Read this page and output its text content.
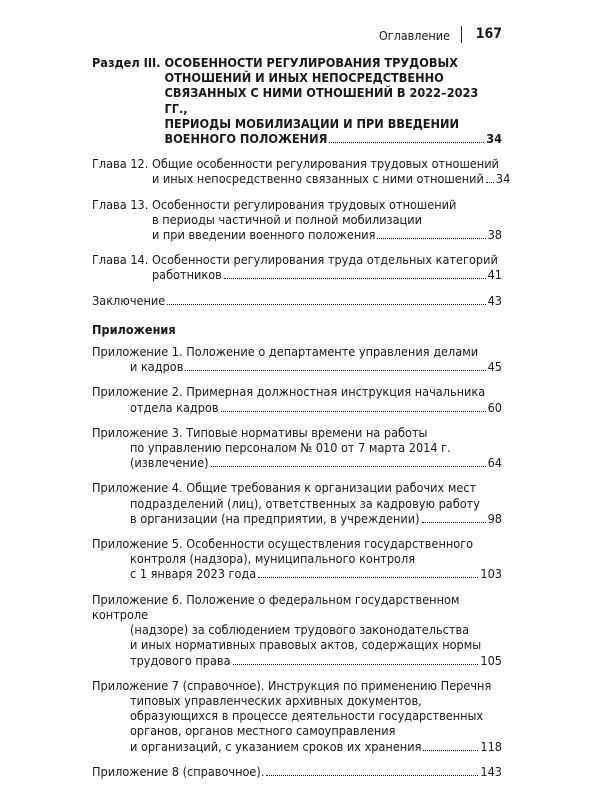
Оглавление 167
Раздел III.
ОСОБЕННОСТИ РЕГУЛИРОВАНИЯ ТРУДОВЫХ
ОТНОШЕНИЙ И ИНЫХ НЕПОСРЕДСТВЕННО
СВЯЗАННЫХ С НИМИ ОТНОШЕНИЙ В 2022–2023 ГГ.,
ПЕРИОДЫ МОБИЛИЗАЦИИ И ПРИ ВВЕДЕНИИ
ВОЕННОГО ПОЛОЖЕНИЯ	34
Глава 12.
Общие особенности регулирования трудовых отношений
и иных непосредственно связанных с ними отношений 34
Глава 13.
Особенности регулирования трудовых отношений
в периоды частичной и полной мобилизации
и при введении военного положения	38
Глава 14.
Особенности регулирования труда отдельных категорий
работников	41
Заключение	43
Приложения
Приложение 1. Положение о департаменте управления делами
и кадров	45
Приложение 2. Примерная должностная инструкция начальника
отдела кадров	60
Приложение 3. Типовые нормативы времени на работы
по управлению персоналом № 010 от 7 марта 2014 г.
(извлечение)	64
Приложение 4. Общие требования к организации рабочих мест
подразделений (лиц), ответственных за кадровую работу
в организации (на предприятии, в учреждении)	98
Приложение 5. Особенности осуществления государственного
контроля (надзора), муниципального контроля
с 1 января 2023 года	103
Приложение 6. Положение о федеральном государственном контроле
(надзоре) за соблюдением трудового законодательства
и иных нормативных правовых актов, содержащих нормы
трудового права	105
Приложение 7 (справочное). Инструкция по применению Перечня
типовых управленческих архивных документов,
образующихся в процессе деятельности государственных
органов, органов местного самоуправления
и организаций, с указанием сроков их хранения	118
Приложение 8 (справочное).	143
